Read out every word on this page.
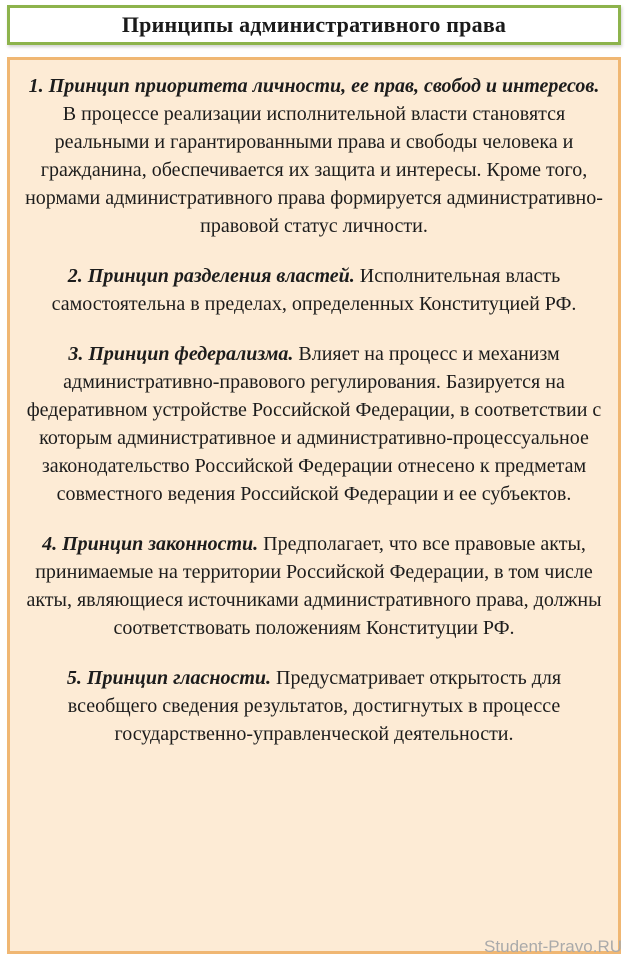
Принципы административного права

1. Принцип приоритета личности, ее прав, свобод и интересов. В процессе реализации исполнительной власти становятся реальными и гарантированными права и свободы человека и гражданина, обеспечивается их защита и интересы. Кроме того, нормами административного права формируется административно-правовой статус личности.

2. Принцип разделения властей. Исполнительная власть самостоятельна в пределах, определенных Конституцией РФ.

3. Принцип федерализма. Влияет на процесс и механизм административно-правового регулирования. Базируется на федеративном устройстве Российской Федерации, в соответствии с которым административное и административно-процессуальное законодательство Российской Федерации отнесено к предметам совместного ведения Российской Федерации и ее субъектов.

4. Принцип законности. Предполагает, что все правовые акты, принимаемые на территории Российской Федерации, в том числе акты, являющиеся источниками административного права, должны соответствовать положениям Конституции РФ.

5. Принцип гласности. Предусматривает открытость для всеобщего сведения результатов, достигнутых в процессе государственно-управленческой деятельности.

Student-Pravo.RU
